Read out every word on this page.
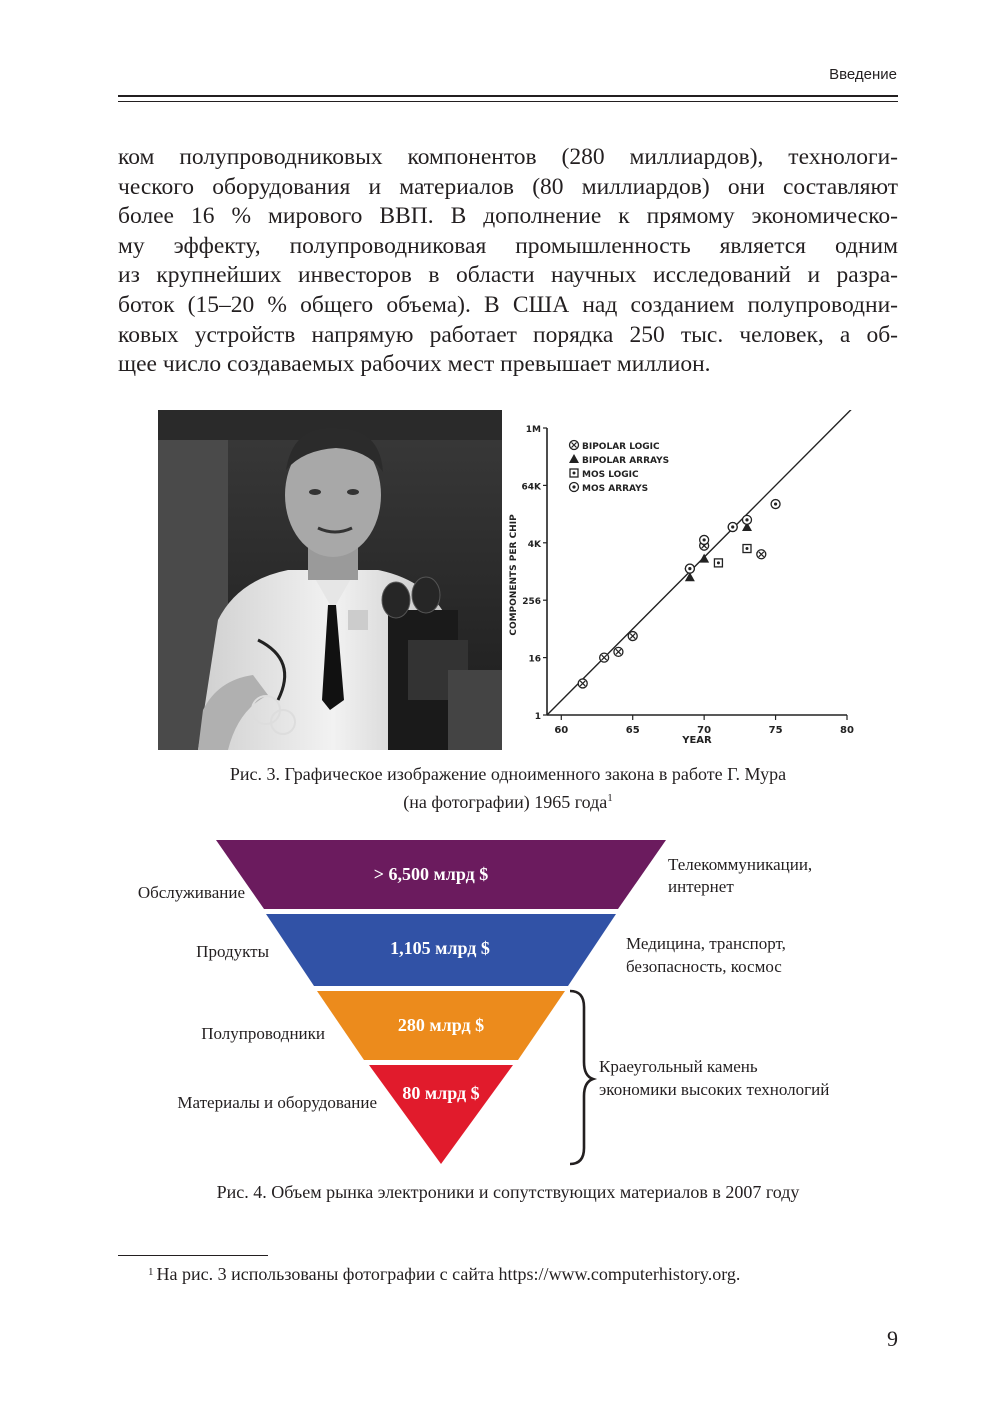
Введение
ком полупроводниковых компонентов (280 миллиардов), технологи-
ческого оборудования и материалов (80 миллиардов) они составляют
более 16 % мирового ВВП. В дополнение к прямому экономическо-
му эффекту, полупроводниковая промышленность является одним
из крупнейших инвесторов в области научных исследований и разра-
боток (15–20 % общего объема). В США над созданием полупроводни-
ковых устройств напрямую работает порядка 250 тыс. человек, а об-
щее число создаваемых рабочих мест превышает миллион.
60	65	70	75	80
1
16
256
4K
64K
1M
YEAR
COMPONENTS PER CHIP
BIPOLAR LOGIC
BIPOLAR ARRAYS
MOS LOGIC
MOS ARRAYS
Рис. 3. Графическое изображение одноименного закона в работе Г. Мура
(на фотографии) 1965 года$^1$
> 6,500 млрд $
1,105 млрд $
280 млрд $
80 млрд $
Обслуживание
Продукты
Полупроводники
Материалы и оборудование
Телекоммуникации,
интернет
Медицина, транспорт,
безопасность, космос
Краеугольный камень
экономики высоких технологий
Рис. 4. Объем рынка электроники и сопутствующих материалов в 2007 году
$^1$ На рис. 3 использованы фотографии с сайта https://www.computerhistory.org.
9
